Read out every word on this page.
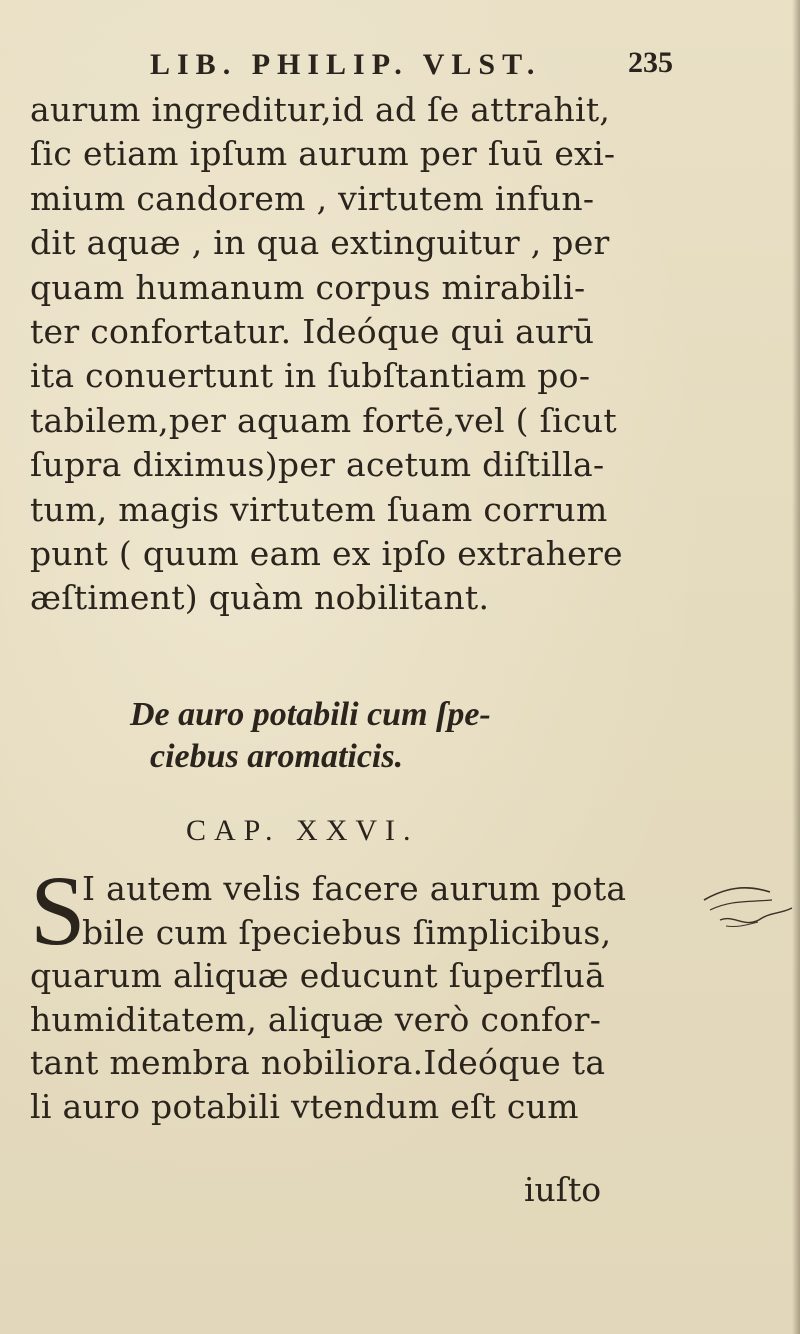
LIB. PHILIP. VLST.	235
aurum ingreditur,id ad ſe attrahit,
ſic etiam ipſum aurum per ſuū exi-
mium candorem , virtutem infun-
dit aquæ , in qua extinguitur , per
quam humanum corpus mirabili-
ter confortatur. Ideóque qui aurū
ita conuertunt in ſubſtantiam po-
tabilem,per aquam fortē,vel ( ſicut
ſupra diximus)per acetum diſtilla-
tum, magis virtutem ſuam corrum
punt ( quum eam ex ipſo extrahere
æſtiment) quàm nobilitant.
De auro potabili cum ſpe-
ciebus aromaticis.
CAP. XXVI.
S
I autem velis facere aurum pota
bile cum ſpeciebus ſimplicibus,
quarum aliquæ educunt ſuperfluā
humiditatem, aliquæ verò confor-
tant membra nobiliora.Ideóque ta
li auro potabili vtendum eſt cum
iuſto
